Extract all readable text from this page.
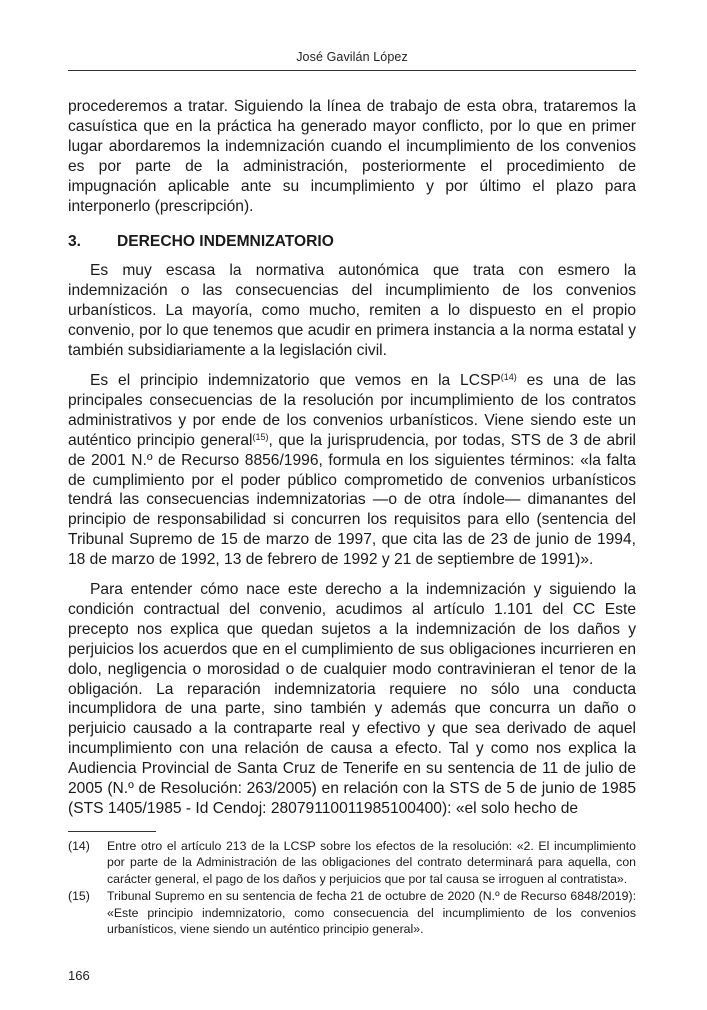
José Gavilán López

procederemos a tratar. Siguiendo la línea de trabajo de esta obra, trataremos la casuística que en la práctica ha generado mayor conflicto, por lo que en primer lugar abordaremos la indemnización cuando el incumplimiento de los convenios es por parte de la administración, posteriormente el procedimiento de impugnación aplicable ante su incumplimiento y por último el plazo para interponerlo (prescripción).

3. DERECHO INDEMNIZATORIO

Es muy escasa la normativa autonómica que trata con esmero la indemnización o las consecuencias del incumplimiento de los convenios urbanísticos. La mayoría, como mucho, remiten a lo dispuesto en el propio convenio, por lo que tenemos que acudir en primera instancia a la norma estatal y también subsidiariamente a la legislación civil.

Es el principio indemnizatorio que vemos en la LCSP$^{(14)}$ es una de las principales consecuencias de la resolución por incumplimiento de los contratos administrativos y por ende de los convenios urbanísticos. Viene siendo este un auténtico principio general$^{(15)}$, que la jurisprudencia, por todas, STS de 3 de abril de 2001 N.º de Recurso 8856/1996, formula en los siguientes términos: «la falta de cumplimiento por el poder público comprometido de convenios urbanísticos tendrá las consecuencias indemnizatorias —o de otra índole— dimanantes del principio de responsabilidad si concurren los requisitos para ello (sentencia del Tribunal Supremo de 15 de marzo de 1997, que cita las de 23 de junio de 1994, 18 de marzo de 1992, 13 de febrero de 1992 y 21 de septiembre de 1991)».

Para entender cómo nace este derecho a la indemnización y siguiendo la condición contractual del convenio, acudimos al artículo 1.101 del CC Este precepto nos explica que quedan sujetos a la indemnización de los daños y perjuicios los acuerdos que en el cumplimiento de sus obligaciones incurrieren en dolo, negligencia o morosidad o de cualquier modo contravinieran el tenor de la obligación. La reparación indemnizatoria requiere no sólo una conducta incumplidora de una parte, sino también y además que concurra un daño o perjuicio causado a la contraparte real y efectivo y que sea derivado de aquel incumplimiento con una relación de causa a efecto. Tal y como nos explica la Audiencia Provincial de Santa Cruz de Tenerife en su sentencia de 11 de julio de 2005 (N.º de Resolución: 263/2005) en relación con la STS de 5 de junio de 1985 (STS 1405/1985 - Id Cendoj: 28079110011985100400): «el solo hecho de

(14)	Entre otro el artículo 213 de la LCSP sobre los efectos de la resolución: «2. El incumplimiento por parte de la Administración de las obligaciones del contrato determinará para aquella, con carácter general, el pago de los daños y perjuicios que por tal causa se irroguen al contratista».
(15)	Tribunal Supremo en su sentencia de fecha 21 de octubre de 2020 (N.º de Recurso 6848/2019): «Este principio indemnizatorio, como consecuencia del incumplimiento de los convenios urbanísticos, viene siendo un auténtico principio general».
166
